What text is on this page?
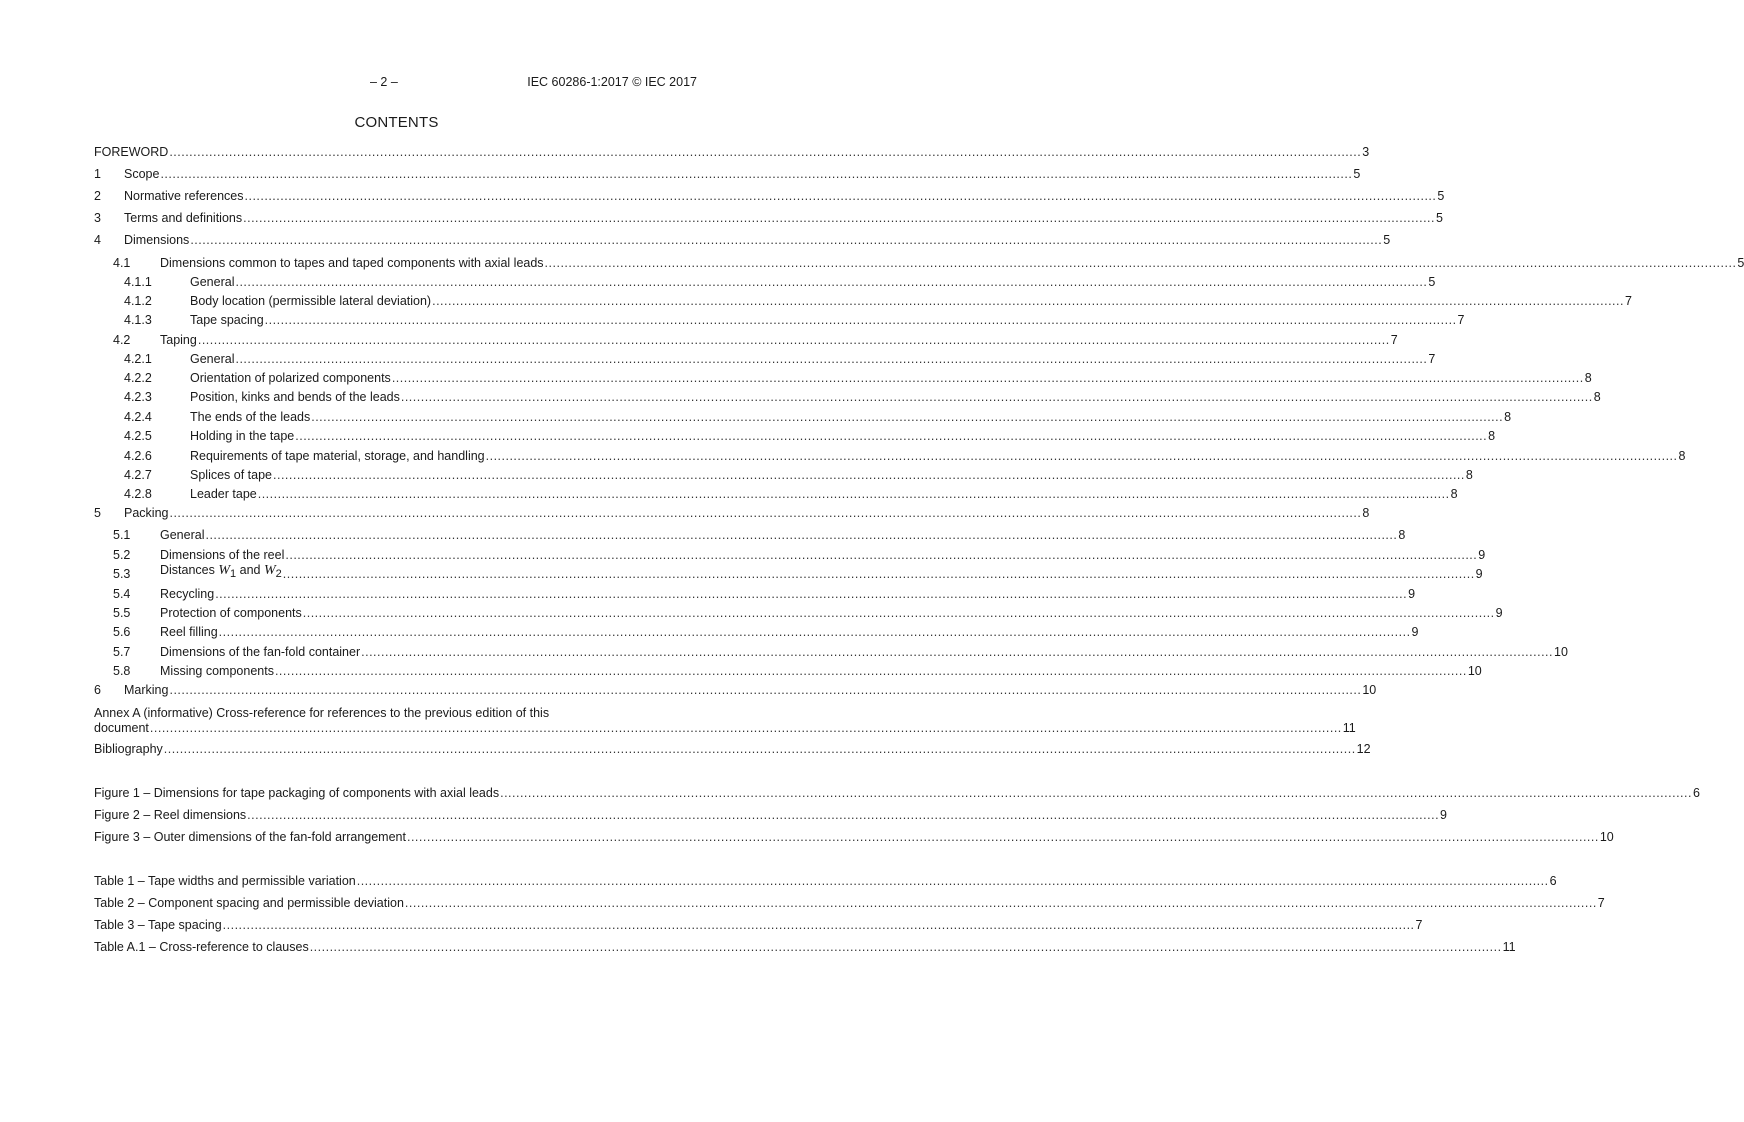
– 2 –	IEC 60286-1:2017 © IEC 2017
CONTENTS
FOREWORD ............................................................................................................................................................................................................................................................................................................ 3
1	Scope ............................................................................................................................................................................................................................................................................................................ 5
2	Normative references ............................................................................................................................................................................................................................................................................................................ 5
3	Terms and definitions ............................................................................................................................................................................................................................................................................................................ 5
4	Dimensions ............................................................................................................................................................................................................................................................................................................ 5
4.1	Dimensions common to tapes and taped components with axial leads ............................................................................................................................................................................................................................................................................................................ 5
4.1.1	General ............................................................................................................................................................................................................................................................................................................ 5
4.1.2	Body location (permissible lateral deviation) ............................................................................................................................................................................................................................................................................................................ 7
4.1.3	Tape spacing ............................................................................................................................................................................................................................................................................................................ 7
4.2	Taping ............................................................................................................................................................................................................................................................................................................ 7
4.2.1	General ............................................................................................................................................................................................................................................................................................................ 7
4.2.2	Orientation of polarized components ............................................................................................................................................................................................................................................................................................................ 8
4.2.3	Position, kinks and bends of the leads ............................................................................................................................................................................................................................................................................................................ 8
4.2.4	The ends of the leads ............................................................................................................................................................................................................................................................................................................ 8
4.2.5	Holding in the tape ............................................................................................................................................................................................................................................................................................................ 8
4.2.6	Requirements of tape material, storage, and handling ............................................................................................................................................................................................................................................................................................................ 8
4.2.7	Splices of tape ............................................................................................................................................................................................................................................................................................................ 8
4.2.8	Leader tape ............................................................................................................................................................................................................................................................................................................ 8
5	Packing ............................................................................................................................................................................................................................................................................................................ 8
5.1	General ............................................................................................................................................................................................................................................................................................................ 8
5.2	Dimensions of the reel ............................................................................................................................................................................................................................................................................................................ 9
5.3	Distances $W_1$ and $W_2$ ............................................................................................................................................................................................................................................................................................................ 9
5.4	Recycling ............................................................................................................................................................................................................................................................................................................ 9
5.5	Protection of components ............................................................................................................................................................................................................................................................................................................ 9
5.6	Reel filling ............................................................................................................................................................................................................................................................................................................ 9
5.7	Dimensions of the fan-fold container ............................................................................................................................................................................................................................................................................................................ 10
5.8	Missing components ............................................................................................................................................................................................................................................................................................................ 10
6	Marking ............................................................................................................................................................................................................................................................................................................ 10
Annex A (informative) Cross-reference for references to the previous edition of this
document ............................................................................................................................................................................................................................................................................................................ 11
Bibliography ............................................................................................................................................................................................................................................................................................................ 12
Figure 1 – Dimensions for tape packaging of components with axial leads ............................................................................................................................................................................................................................................................................................................ 6
Figure 2 – Reel dimensions ............................................................................................................................................................................................................................................................................................................ 9
Figure 3 – Outer dimensions of the fan-fold arrangement ............................................................................................................................................................................................................................................................................................................ 10
Table 1 – Tape widths and permissible variation ............................................................................................................................................................................................................................................................................................................ 6
Table 2 – Component spacing and permissible deviation ............................................................................................................................................................................................................................................................................................................ 7
Table 3 – Tape spacing ............................................................................................................................................................................................................................................................................................................ 7
Table A.1 – Cross-reference to clauses ............................................................................................................................................................................................................................................................................................................ 11
